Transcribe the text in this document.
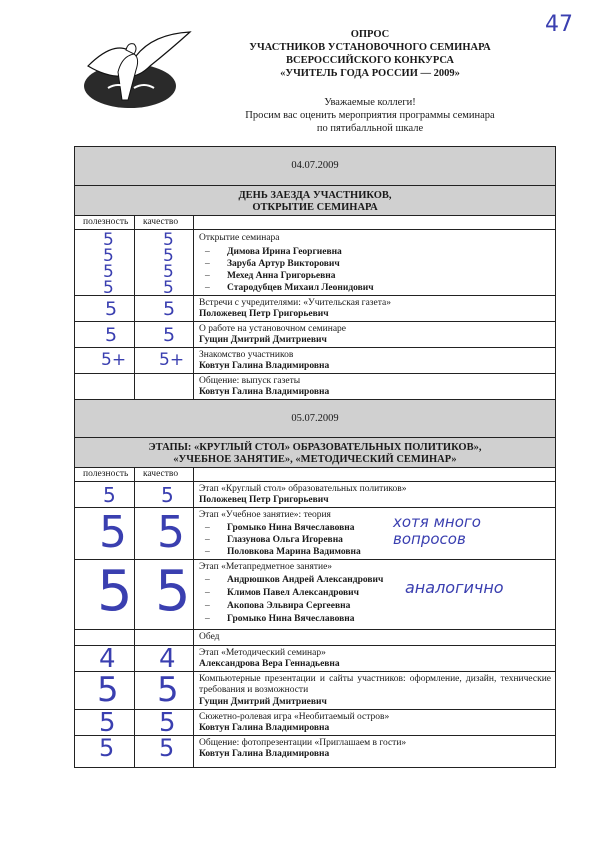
47
ОПРОС
УЧАСТНИКОВ УСТАНОВОЧНОГО СЕМИНАРА
ВСЕРОССИЙСКОГО КОНКУРСА
«УЧИТЕЛЬ ГОДА РОССИИ — 2009»
Уважаемые коллеги!
Просим вас оценить мероприятия программы семинара
по пятибалльной шкале
04.07.2009
ДЕНЬ ЗАЕЗДА УЧАСТНИКОВ,
ОТКРЫТИЕ СЕМИНАРА
полезность качество
Открытие семинара
– Димова Ирина Георгиевна
– Заруба Артур Викторович
– Мехед Анна Григорьевна
– Стародубцев Михаил Леонидович
5
5
5
5
5
5
5
5
Встречи с учредителями: «Учительская газета»
Положевец Петр Григорьевич
5 5
О работе на установочном семинаре
Гущин Дмитрий Дмитриевич
5 5
Знакомство участников
Ковтун Галина Владимировна
5+ 5+
Общение: выпуск газеты
Ковтун Галина Владимировна
05.07.2009
ЭТАПЫ: «КРУГЛЫЙ СТОЛ» ОБРАЗОВАТЕЛЬНЫХ ПОЛИТИКОВ»,
«УЧЕБНОЕ ЗАНЯТИЕ», «МЕТОДИЧЕСКИЙ СЕМИНАР»
полезность качество
Этап «Круглый стол» образовательных политиков»
Положевец Петр Григорьевич
5 5
Этап «Учебное занятие»: теория
– Громыко Нина Вячеславовна
– Глазунова Ольга Игоревна
– Половкова Марина Вадимовна
5 5	хотя много вопросов
Этап «Метапредметное занятие»
– Андрюшков Андрей Александрович
– Климов Павел Александрович
– Акопова Эльвира Сергеевна
– Громыко Нина Вячеславовна
5 5	аналогично
Обед
Этап «Методический семинар»
Александрова Вера Геннадьевна
4 4
Компьютерные презентации и сайты участников: оформление, дизайн, технические требования и возможности
Гущин Дмитрий Дмитриевич
5 5
Сюжетно-ролевая игра «Необитаемый остров»
Ковтун Галина Владимировна
5 5
Общение: фотопрезентации «Приглашаем в гости»
Ковтун Галина Владимировна
5 5
